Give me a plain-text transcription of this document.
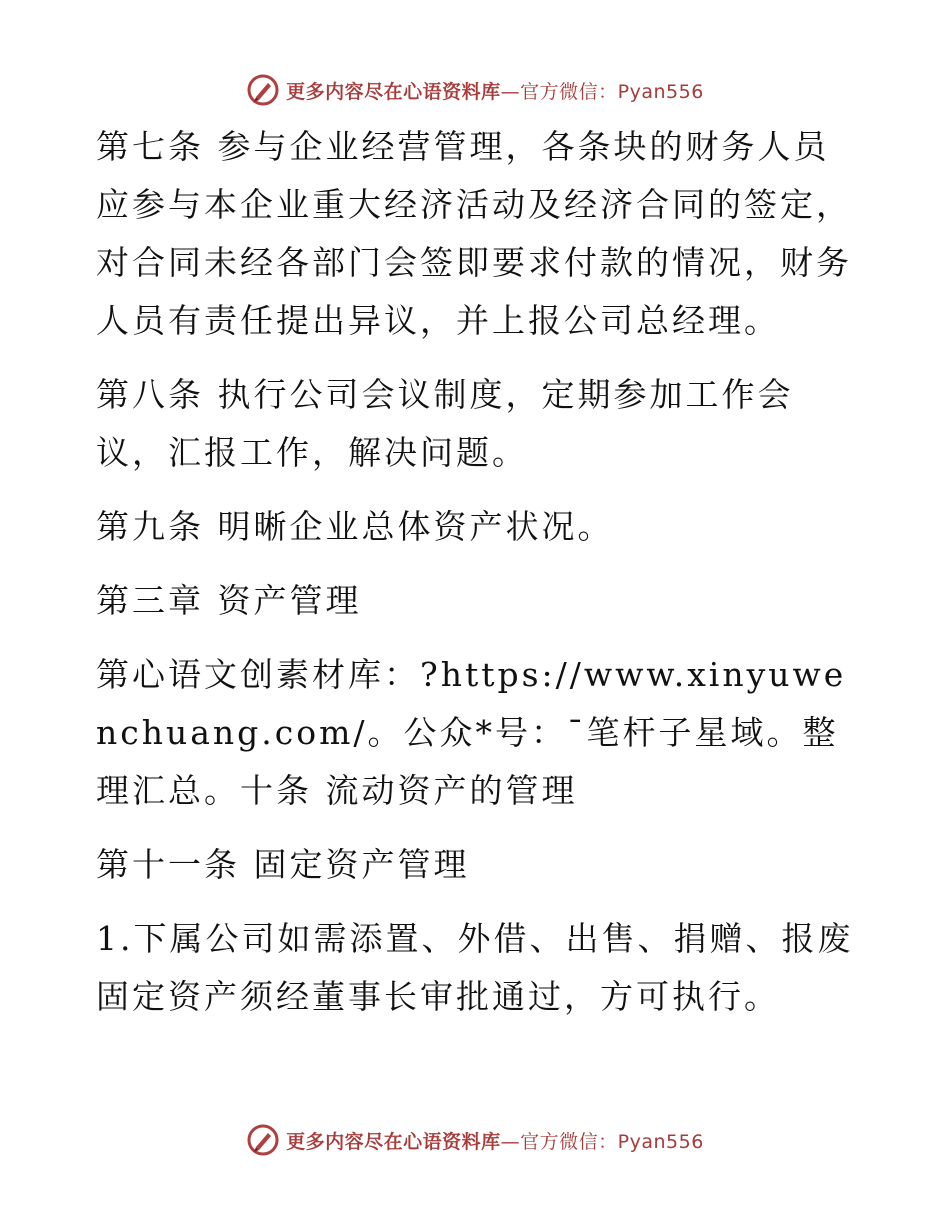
更多内容尽在心语资料库—官方微信：Pyan556

第七条 参与企业经营管理，各条块的财务人员应参与本企业重大经济活动及经济合同的签定，对合同未经各部门会签即要求付款的情况，财务人员有责任提出异议，并上报公司总经理。

第八条 执行公司会议制度，定期参加工作会议，汇报工作，解决问题。

第九条 明晰企业总体资产状况。

第三章 资产管理

第心语文创素材库：?https://www.xinyuwenchuang.com/。公众*号：¯笔杆子星域。整理汇总。十条 流动资产的管理

第十一条 固定资产管理

1.下属公司如需添置、外借、出售、捐赠、报废固定资产须经董事长审批通过，方可执行。

更多内容尽在心语资料库—官方微信：Pyan556
